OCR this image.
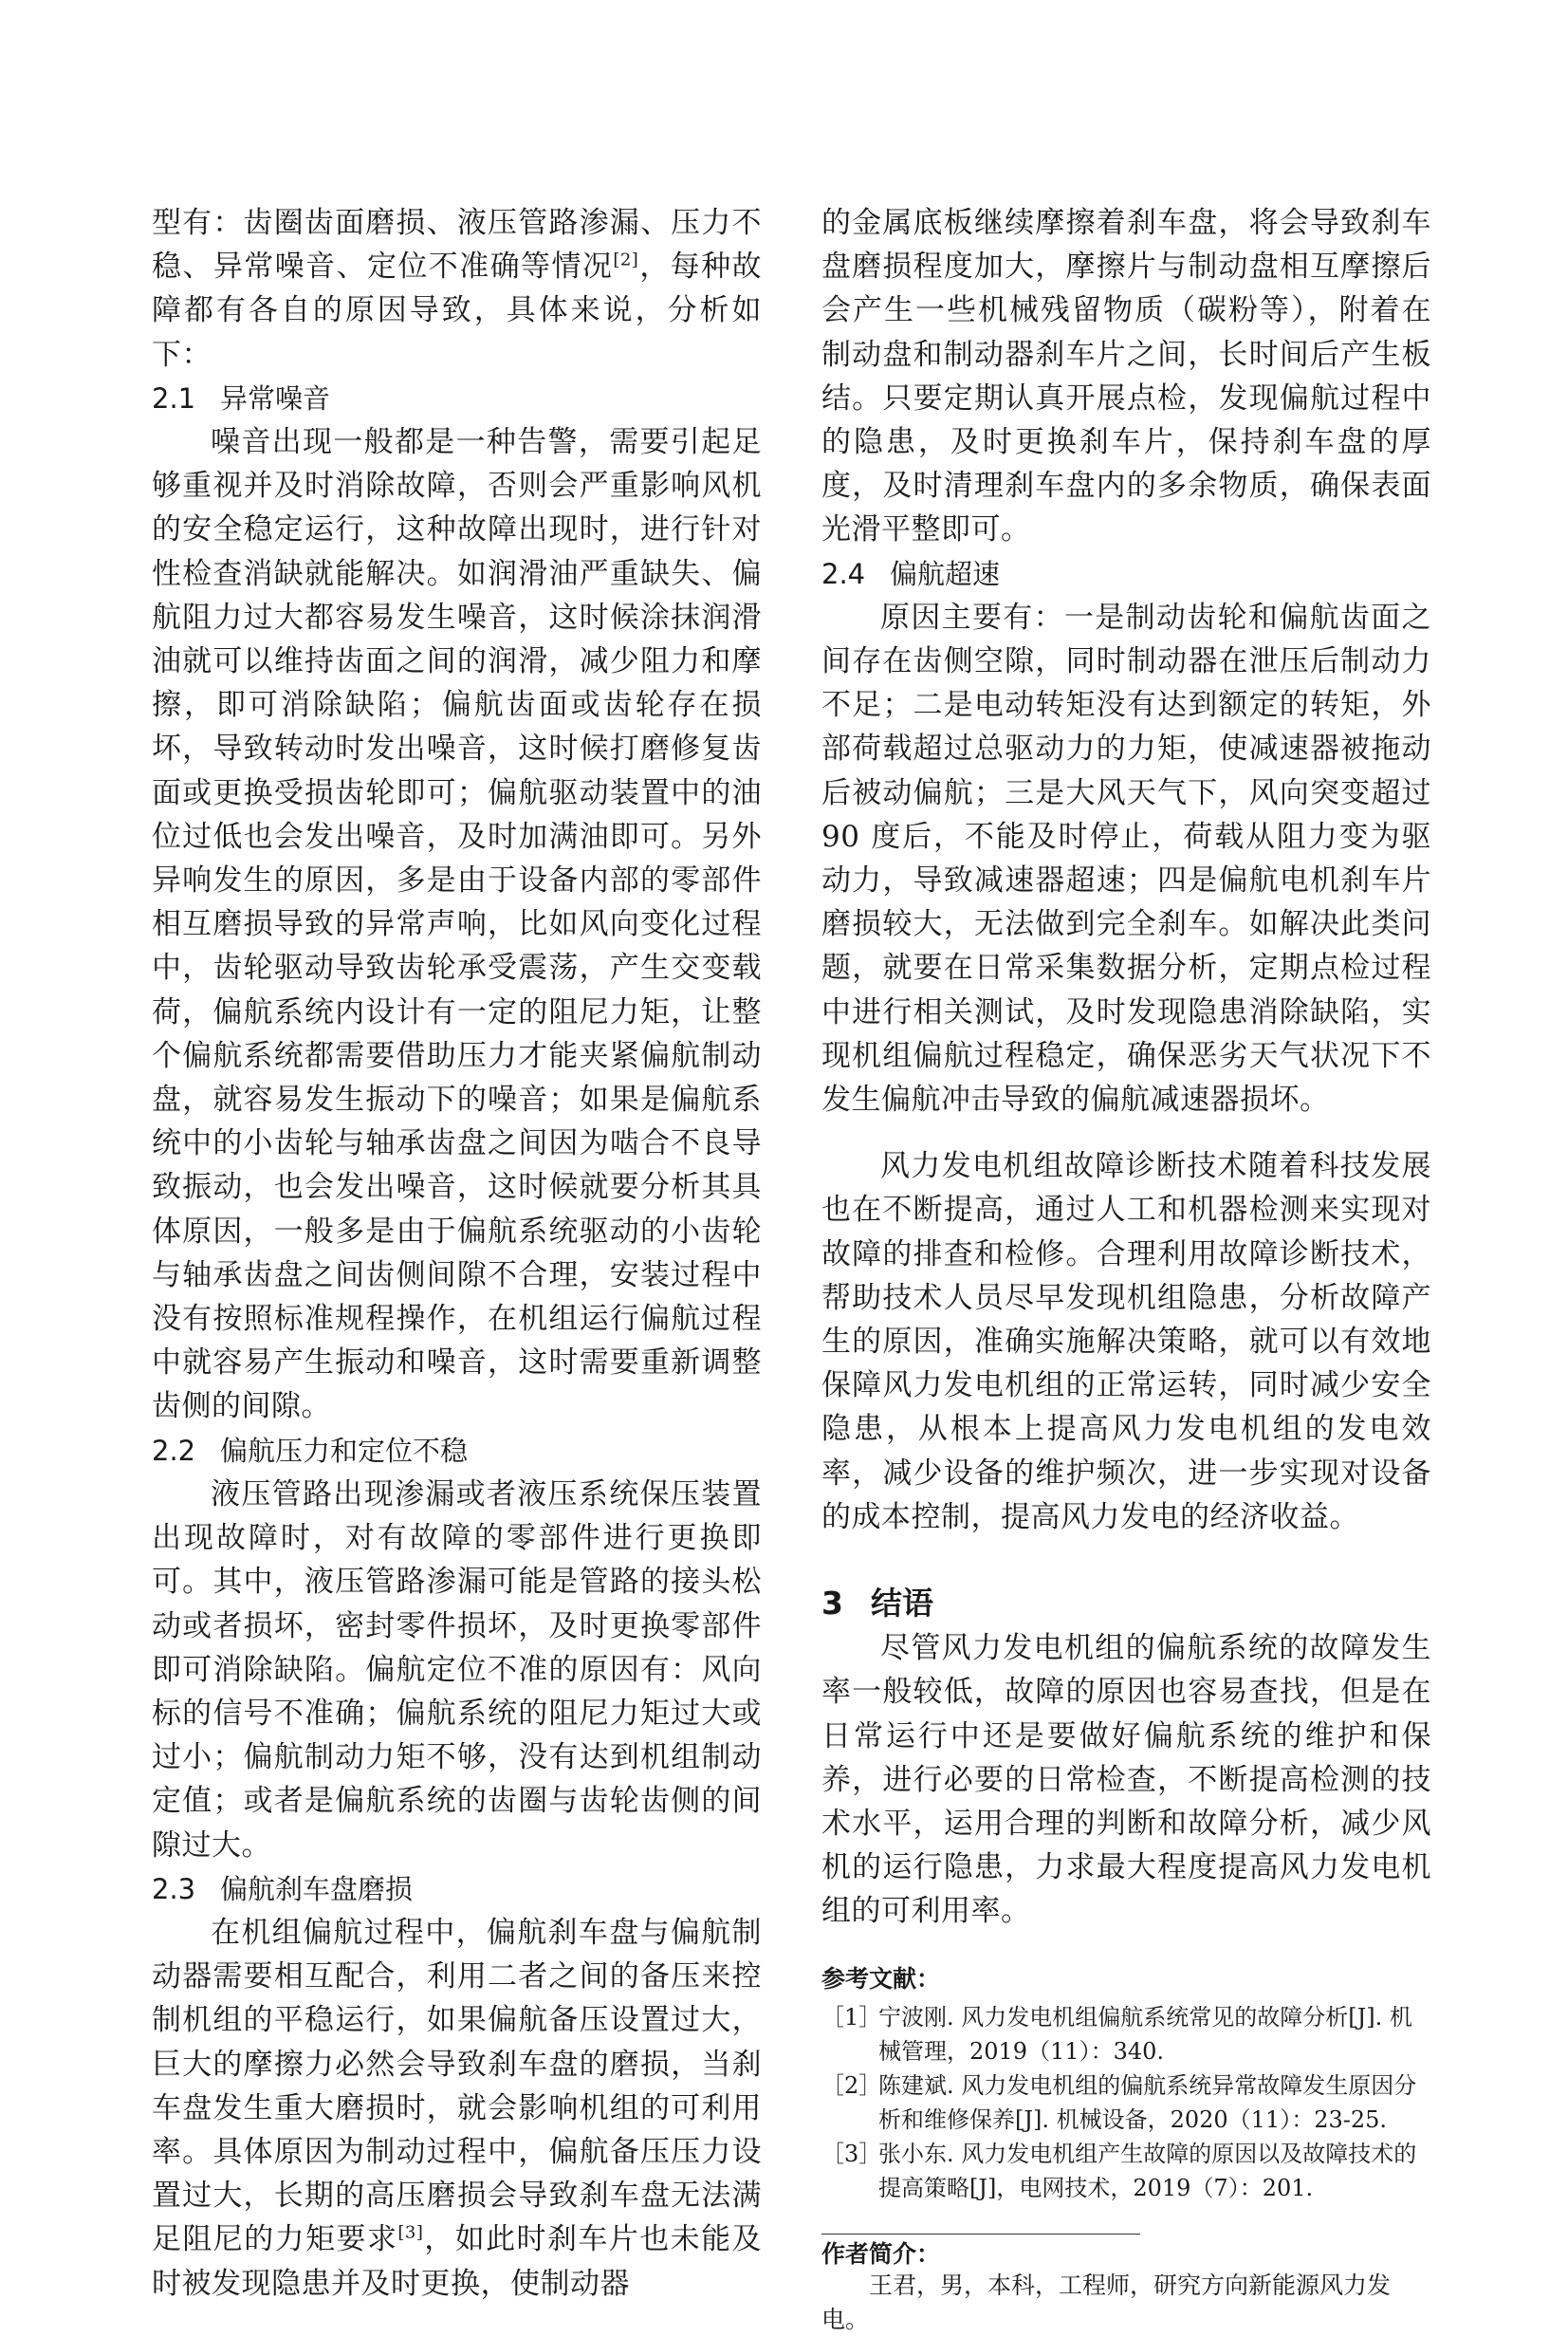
型有：齿圈齿面磨损、液压管路渗漏、压力不稳、异常噪音、定位不准确等情况[2]，每种故障都有各自的原因导致，具体来说，分析如下：

2.1 异常噪音

噪音出现一般都是一种告警，需要引起足够重视并及时消除故障，否则会严重影响风机的安全稳定运行，这种故障出现时，进行针对性检查消缺就能解决。如润滑油严重缺失、偏航阻力过大都容易发生噪音，这时候涂抹润滑油就可以维持齿面之间的润滑，减少阻力和摩擦，即可消除缺陷；偏航齿面或齿轮存在损坏，导致转动时发出噪音，这时候打磨修复齿面或更换受损齿轮即可；偏航驱动装置中的油位过低也会发出噪音，及时加满油即可。另外异响发生的原因，多是由于设备内部的零部件相互磨损导致的异常声响，比如风向变化过程中，齿轮驱动导致齿轮承受震荡，产生交变载荷，偏航系统内设计有一定的阻尼力矩，让整个偏航系统都需要借助压力才能夹紧偏航制动盘，就容易发生振动下的噪音；如果是偏航系统中的小齿轮与轴承齿盘之间因为啮合不良导致振动，也会发出噪音，这时候就要分析其具体原因，一般多是由于偏航系统驱动的小齿轮与轴承齿盘之间齿侧间隙不合理，安装过程中没有按照标准规程操作，在机组运行偏航过程中就容易产生振动和噪音，这时需要重新调整齿侧的间隙。

2.2 偏航压力和定位不稳

液压管路出现渗漏或者液压系统保压装置出现故障时，对有故障的零部件进行更换即可。其中，液压管路渗漏可能是管路的接头松动或者损坏，密封零件损坏，及时更换零部件即可消除缺陷。偏航定位不准的原因有：风向标的信号不准确；偏航系统的阻尼力矩过大或过小；偏航制动力矩不够，没有达到机组制动定值；或者是偏航系统的齿圈与齿轮齿侧的间隙过大。

2.3 偏航刹车盘磨损

在机组偏航过程中，偏航刹车盘与偏航制动器需要相互配合，利用二者之间的备压来控制机组的平稳运行，如果偏航备压设置过大，巨大的摩擦力必然会导致刹车盘的磨损，当刹车盘发生重大磨损时，就会影响机组的可利用率。具体原因为制动过程中，偏航备压压力设置过大，长期的高压磨损会导致刹车盘无法满足阻尼的力矩要求[3]，如此时刹车片也未能及时被发现隐患并及时更换，使制动器

的金属底板继续摩擦着刹车盘，将会导致刹车盘磨损程度加大，摩擦片与制动盘相互摩擦后会产生一些机械残留物质（碳粉等），附着在制动盘和制动器刹车片之间，长时间后产生板结。只要定期认真开展点检，发现偏航过程中的隐患，及时更换刹车片，保持刹车盘的厚度，及时清理刹车盘内的多余物质，确保表面光滑平整即可。

2.4 偏航超速

原因主要有：一是制动齿轮和偏航齿面之间存在齿侧空隙，同时制动器在泄压后制动力不足；二是电动转矩没有达到额定的转矩，外部荷载超过总驱动力的力矩，使减速器被拖动后被动偏航；三是大风天气下，风向突变超过 90 度后，不能及时停止，荷载从阻力变为驱动力，导致减速器超速；四是偏航电机刹车片磨损较大，无法做到完全刹车。如解决此类问题，就要在日常采集数据分析，定期点检过程中进行相关测试，及时发现隐患消除缺陷，实现机组偏航过程稳定，确保恶劣天气状况下不发生偏航冲击导致的偏航减速器损坏。

风力发电机组故障诊断技术随着科技发展也在不断提高，通过人工和机器检测来实现对故障的排查和检修。合理利用故障诊断技术，帮助技术人员尽早发现机组隐患，分析故障产生的原因，准确实施解决策略，就可以有效地保障风力发电机组的正常运转，同时减少安全隐患，从根本上提高风力发电机组的发电效率，减少设备的维护频次，进一步实现对设备的成本控制，提高风力发电的经济收益。

3 结语

尽管风力发电机组的偏航系统的故障发生率一般较低，故障的原因也容易查找，但是在日常运行中还是要做好偏航系统的维护和保养，进行必要的日常检查，不断提高检测的技术水平，运用合理的判断和故障分析，减少风机的运行隐患，力求最大程度提高风力发电机组的可利用率。

参考文献：
［1］
宁波刚. 风力发电机组偏航系统常见的故障分析[J]. 机械管理，2019（11）：340.
［2］
陈建斌. 风力发电机组的偏航系统异常故障发生原因分析和维修保养[J]. 机械设备，2020（11）：23-25.
［3］
张小东. 风力发电机组产生故障的原因以及故障技术的提高策略[J]，电网技术，2019（7）：201.
作者简介：

王君，男，本科，工程师，研究方向新能源风力发电。
